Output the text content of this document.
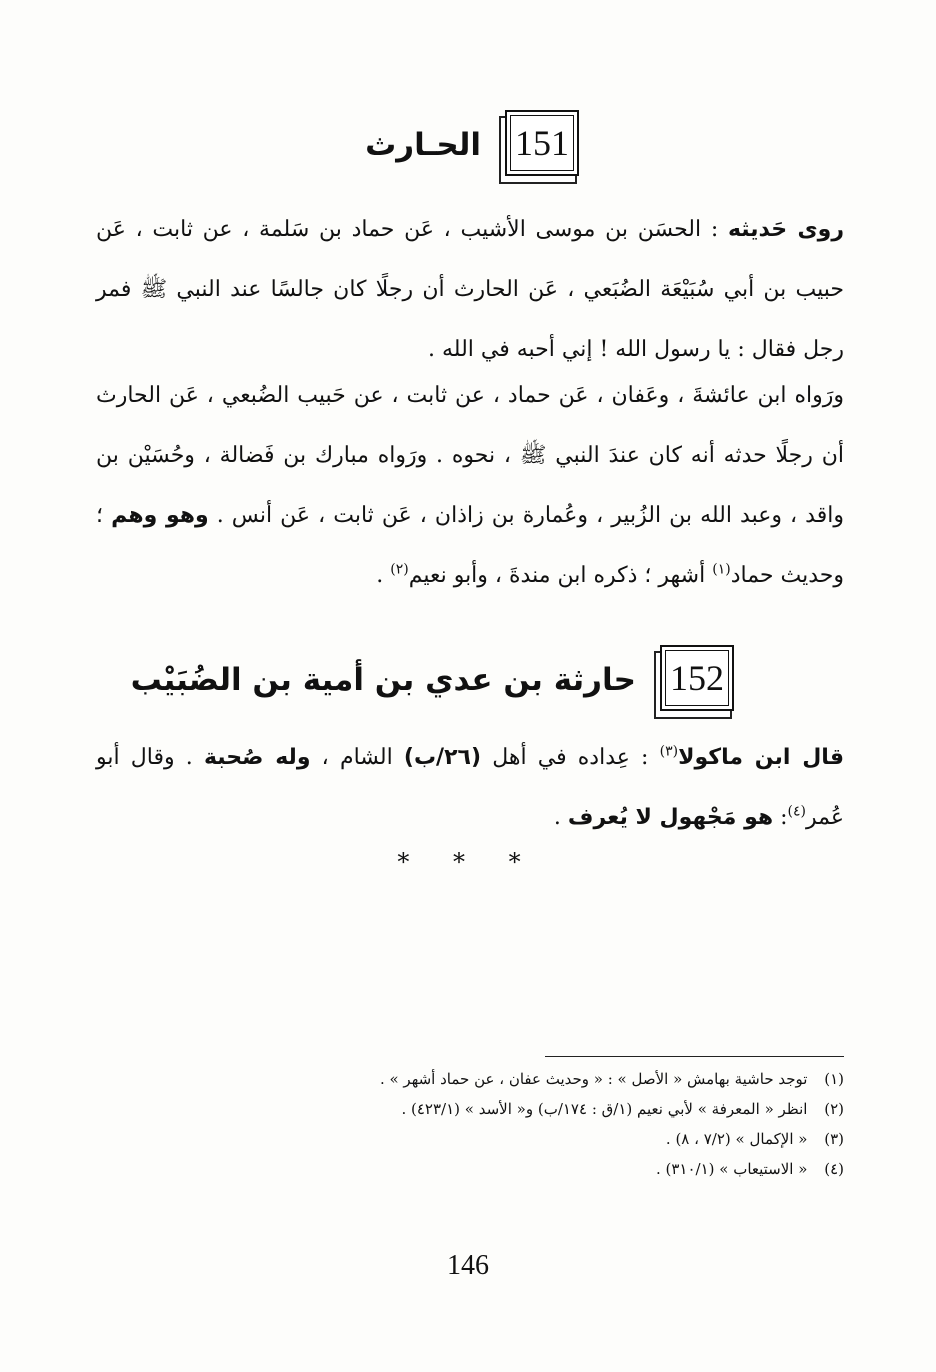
151
الحـارث

روى حَديثه : الحسَن بن موسى الأشيب ، عَن حماد بن سَلمة ، عن ثابت ، عَن حبيب بن أبي سُبَيْعَة الضُبَعي ، عَن الحارث أن رجلًا كان جالسًا عند النبي ﷺ فمر رجل فقال : يا رسول الله ! إني أحبه في الله .

ورَواه ابن عائشةَ ، وعَفان ، عَن حماد ، عن ثابت ، عن حَبيب الضُبعي ، عَن الحارث أن رجلًا حدثه أنه كان عندَ النبي ﷺ ، نحوه . ورَواه مبارك بن فَضالة ، وحُسَيْن بن واقد ، وعبد الله بن الزُبير ، وعُمارة بن زاذان ، عَن ثابت ، عَن أنس . وهو وهم ؛ وحديث حماد$^{(١)}$ أشهر ؛ ذكره ابن مندةَ ، وأبو نعيم$^{(٢)}$ .

152
حارثة بن عدي بن أمية بن الضُبَيْب

قال ابن ماكولا$^{(٣)}$ : عِداده في أهل (٢٦/ب) الشام ، وله صُحبة . وقال أبو عُمر$^{(٤)}$: هو مَجْهول لا يُعرف .

* * *
(١) توجد حاشية بهامش « الأصل » : « وحديث عفان ، عن حماد أشهر » .
(٢) انظر « المعرفة » لأبي نعيم (١/ق : ١٧٤/ب) و« الأسد » (٤٢٣/١) .
(٣) « الإكمال » (٧/٢ ، ٨) .
(٤) « الاستيعاب » (٣١٠/١) .
146
